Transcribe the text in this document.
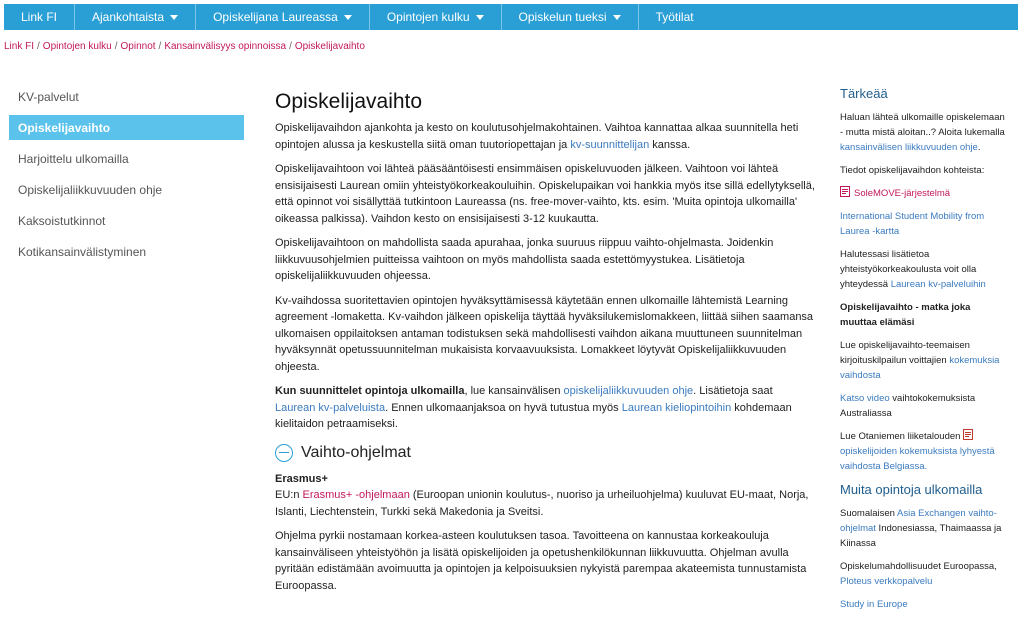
Link FI	Ajankohtaista	Opiskelijana Laureassa	Opintojen kulku	Opiskelun tueksi	Työtilat
Link FI / Opintojen kulku / Opinnot / Kansainvälisyys opinnoissa / Opiskelijavaihto
KV-palvelut
Opiskelijavaihto
Harjoittelu ulkomailla
Opiskelijaliikkuvuuden ohje
Kaksoistutkinnot
Kotikansainvälistyminen
Opiskelijavaihto

Opiskelijavaihdon ajankohta ja kesto on koulutusohjelmakohtainen. Vaihtoa kannattaa alkaa suunnitella heti opintojen alussa ja keskustella siitä oman tuutoriopettajan ja kv-suunnittelijan kanssa.

Opiskelijavaihtoon voi lähteä pääsääntöisesti ensimmäisen opiskeluvuoden jälkeen. Vaihtoon voi lähteä ensisijaisesti Laurean omiin yhteistyökorkeakouluihin. Opiskelupaikan voi hankkia myös itse sillä edellytyksellä, että opinnot voi sisällyttää tutkintoon Laureassa (ns. free-mover-vaihto, kts. esim. 'Muita opintoja ulkomailla' oikeassa palkissa). Vaihdon kesto on ensisijaisesti 3-12 kuukautta.

Opiskelijavaihtoon on mahdollista saada apurahaa, jonka suuruus riippuu vaihto-ohjelmasta. Joidenkin liikkuvuusohjelmien puitteissa vaihtoon on myös mahdollista saada estettömyystukea. Lisätietoja opiskelijaliikkuvuuden ohjeessa.

Kv-vaihdossa suoritettavien opintojen hyväksyttämisessä käytetään ennen ulkomaille lähtemistä Learning agreement -lomaketta. Kv-vaihdon jälkeen opiskelija täyttää hyväksilukemislomakkeen, liittää siihen saamansa ulkomaisen oppilaitoksen antaman todistuksen sekä mahdollisesti vaihdon aikana muuttuneen suunnitelman hyväksynnät opetussuunnitelman mukaisista korvaavuuksista. Lomakkeet löytyvät Opiskelijaliikkuvuuden ohjeesta.

Kun suunnittelet opintoja ulkomailla, lue kansainvälisen opiskelijaliikkuvuuden ohje. Lisätietoja saat Laurean kv-palveluista. Ennen ulkomaanjaksoa on hyvä tutustua myös Laurean kieliopintoihin kohdemaan kielitaidon petraamiseksi.

Vaihto-ohjelmat

Erasmus+

EU:n Erasmus+ -ohjelmaan (Euroopan unionin koulutus-, nuoriso ja urheiluohjelma) kuuluvat EU-maat, Norja, Islanti, Liechtenstein, Turkki sekä Makedonia ja Sveitsi.

Ohjelma pyrkii nostamaan korkea-asteen koulutuksen tasoa. Tavoitteena on kannustaa korkeakouluja kansainväliseen yhteistyöhön ja lisätä opiskelijoiden ja opetushenkilökunnan liikkuvuutta. Ohjelman avulla pyritään edistämään avoimuutta ja opintojen ja kelpoisuuksien nykyistä parempaa akateemista tunnustamista Euroopassa.

Tärkeää

Haluan lähteä ulkomaille opiskelemaan - mutta mistä aloitan..? Aloita lukemalla kansainvälisen liikkuvuuden ohje.

Tiedot opiskelijavaihdon kohteista:

SoleMOVE-järjestelmä

International Student Mobility from Laurea -kartta

Halutessasi lisätietoa yhteistyökorkeakoulusta voit olla yhteydessä Laurean kv-palveluihin

Opiskelijavaihto - matka joka muuttaa elämäsi

Lue opiskelijavaihto-teemaisen kirjoituskilpailun voittajien kokemuksia vaihdosta

Katso video vaihtokokemuksista Australiassa

Lue Otaniemen liiketalouden opiskelijoiden kokemuksista lyhyestä vaihdosta Belgiassa.

Muita opintoja ulkomailla

Suomalaisen Asia Exchangen vaihto-ohjelmat Indonesiassa, Thaimaassa ja Kiinassa

Opiskelumahdollisuudet Euroopassa, Ploteus verkkopalvelu

Study in Europe
